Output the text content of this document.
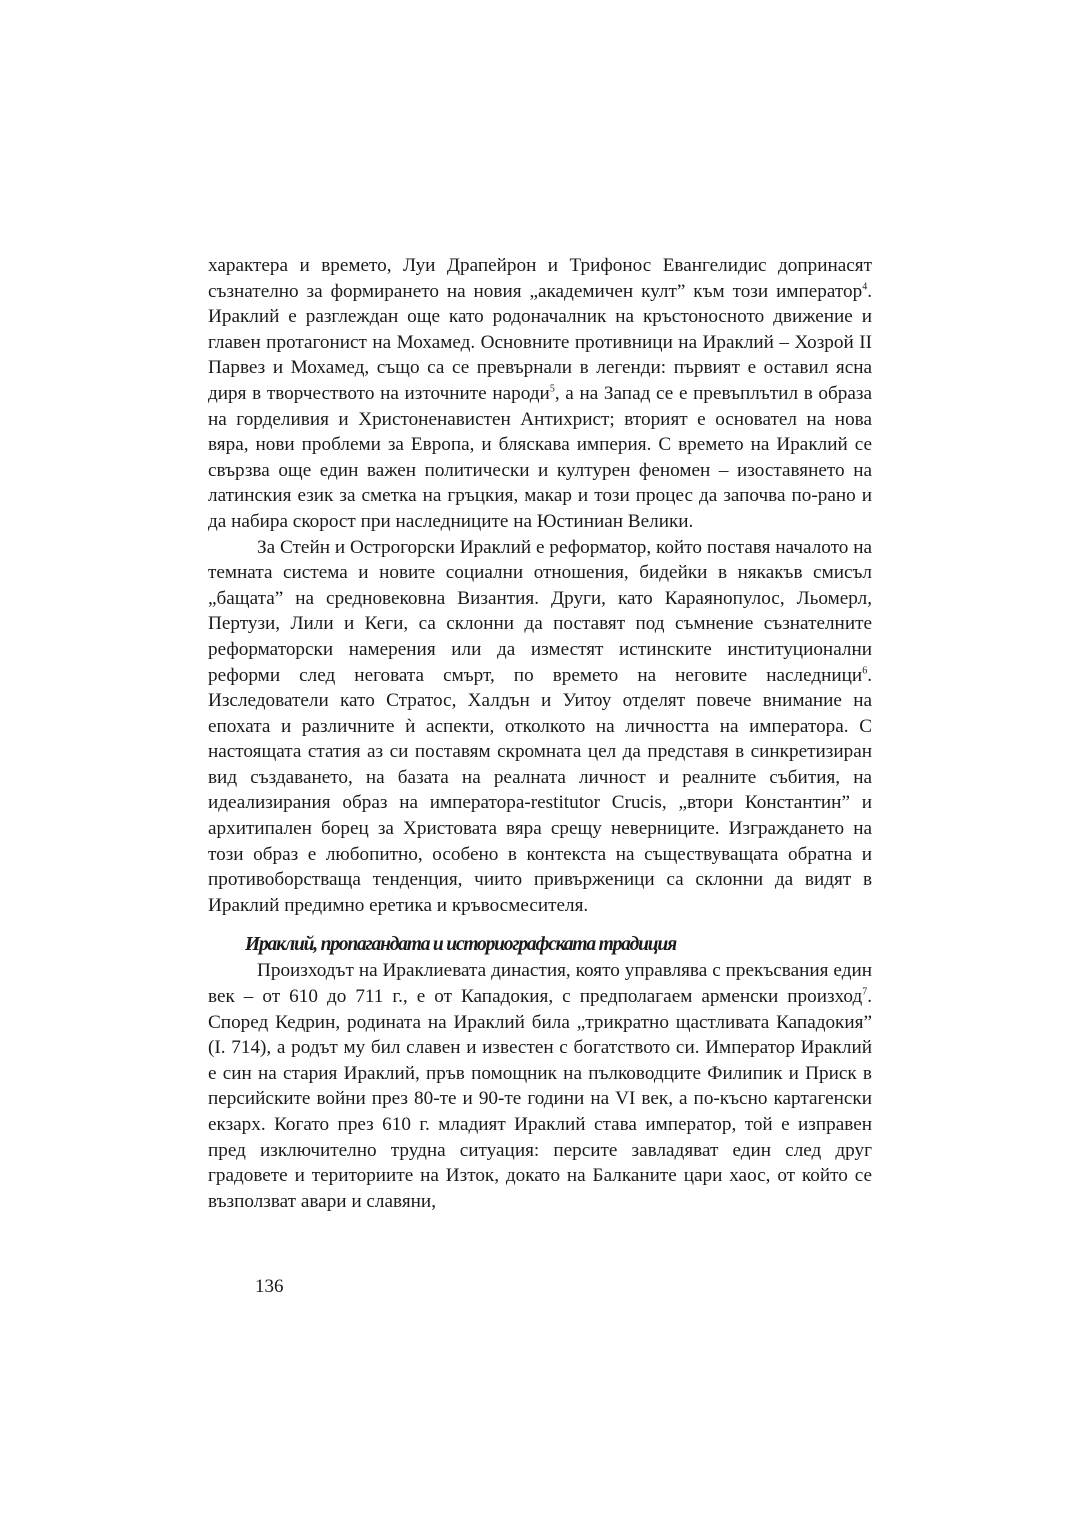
характера и времето, Луи Драпейрон и Трифонос Евангелидис допринасят съзнателно за формирането на новия „академичен култ” към този император$^4$. Ираклий е разглеждан още като родоначалник на кръстоносното движение и главен протагонист на Мохамед. Основните противници на Ираклий – Хозрой II Парвез и Мохамед, също са се превърнали в легенди: първият е оставил ясна диря в творчеството на източните народи$^5$, а на Запад се е превъплътил в образа на горделивия и Христоненавистен Антихрист; вторият е основател на нова вяра, нови проблеми за Европа, и бляскава империя. С времето на Ираклий се свързва още един важен политически и културен феномен – изоставянето на латинския език за сметка на гръцкия, макар и този процес да започва по-рано и да набира скорост при наследниците на Юстиниан Велики.

За Стейн и Острогорски Ираклий е реформатор, който поставя началото на темната система и новите социални отношения, бидейки в някакъв смисъл „бащата” на средновековна Византия. Други, като Караянопулос, Льомерл, Пертузи, Лили и Кеги, са склонни да поставят под съмнение съзнателните реформаторски намерения или да изместят истинските институционални реформи след неговата смърт, по времето на неговите наследници$^6$. Изследователи като Стратос, Халдън и Уитоу отделят повече внимание на епохата и различните ѝ аспекти, отколкото на личността на императора. С настоящата статия аз си поставям скромната цел да представя в синкретизиран вид създаването, на базата на реалната личност и реалните събития, на идеализирания образ на императора-restitutor Crucis, „втори Константин” и архитипален борец за Христовата вяра срещу неверниците. Изграждането на този образ е любопитно, особено в контекста на съществуващата обратна и противоборстваща тенденция, чиито привърженици са склонни да видят в Ираклий предимно еретика и кръвосмесителя.

Ираклий, пропагандата и историографската традиция

Произходът на Ираклиевата династия, която управлява с прекъсвания един век – от 610 до 711 г., е от Кападокия, с предполагаем арменски произход$^7$. Според Кедрин, родината на Ираклий била „трикратно щастливата Кападокия” (I. 714), а родът му бил славен и известен с богатството си. Император Ираклий е син на стария Ираклий, пръв помощник на пълководците Филипик и Приск в персийските войни през 80-те и 90-те години на VI век, а по-късно картагенски екзарх. Когато през 610 г. младият Ираклий става император, той е изправен пред изключително трудна ситуация: персите завладяват един след друг градовете и териториите на Изток, докато на Балканите цари хаос, от който се възползват авари и славяни,

136
